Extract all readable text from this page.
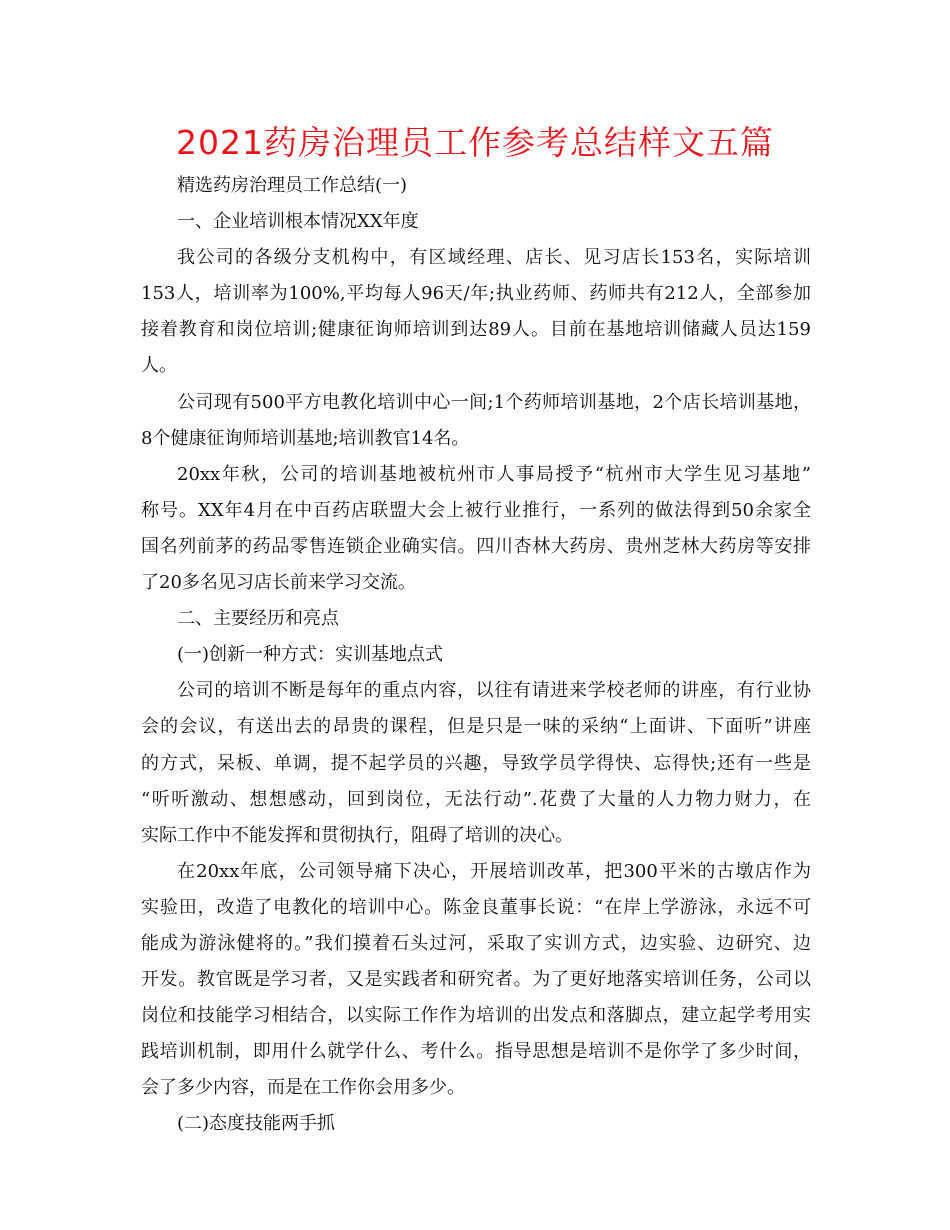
2021药房治理员工作参考总结样文五篇
精选药房治理员工作总结(一)
一、企业培训根本情况XX年度
我公司的各级分支机构中，有区域经理、店长、见习店长153名，实际培训
153人，培训率为100%,平均每人96天/年;执业药师、药师共有212人，全部参加
接着教育和岗位培训;健康征询师培训到达89人。目前在基地培训储藏人员达159
人。
公司现有500平方电教化培训中心一间;1个药师培训基地，2个店长培训基地，
8个健康征询师培训基地;培训教官14名。
20xx年秋，公司的培训基地被杭州市人事局授予“杭州市大学生见习基地”
称号。XX年4月在中百药店联盟大会上被行业推行，一系列的做法得到50余家全
国名列前茅的药品零售连锁企业确实信。四川杏林大药房、贵州芝林大药房等安排
了20多名见习店长前来学习交流。
二、主要经历和亮点
(一)创新一种方式：实训基地点式
公司的培训不断是每年的重点内容，以往有请进来学校老师的讲座，有行业协
会的会议，有送出去的昂贵的课程，但是只是一味的采纳“上面讲、下面听”讲座
的方式，呆板、单调，提不起学员的兴趣，导致学员学得快、忘得快;还有一些是
“听听激动、想想感动，回到岗位，无法行动”.花费了大量的人力物力财力，在
实际工作中不能发挥和贯彻执行，阻碍了培训的决心。
在20xx年底，公司领导痛下决心，开展培训改革，把300平米的古墩店作为
实验田，改造了电教化的培训中心。陈金良董事长说：“在岸上学游泳，永远不可
能成为游泳健将的。”我们摸着石头过河，采取了实训方式，边实验、边研究、边
开发。教官既是学习者，又是实践者和研究者。为了更好地落实培训任务，公司以
岗位和技能学习相结合，以实际工作作为培训的出发点和落脚点，建立起学考用实
践培训机制，即用什么就学什么、考什么。指导思想是培训不是你学了多少时间，
会了多少内容，而是在工作你会用多少。
(二)态度技能两手抓
